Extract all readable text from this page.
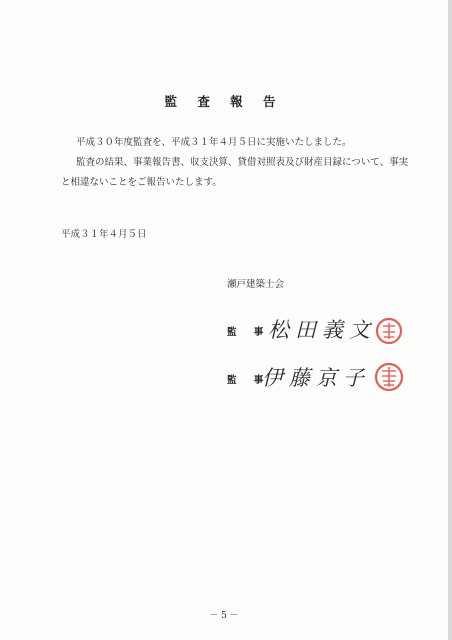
監 査 報 告
平成３０年度監査を、平成３１年４月５日に実施いたしました。
監査の結果、事業報告書、収支決算、貸借対照表及び財産目録について、事実
と相違ないことをご報告いたします。
平成３１年４月５日
瀬戸建築士会
監 事
松田義文
監 事
伊藤京子
－ 5 －
